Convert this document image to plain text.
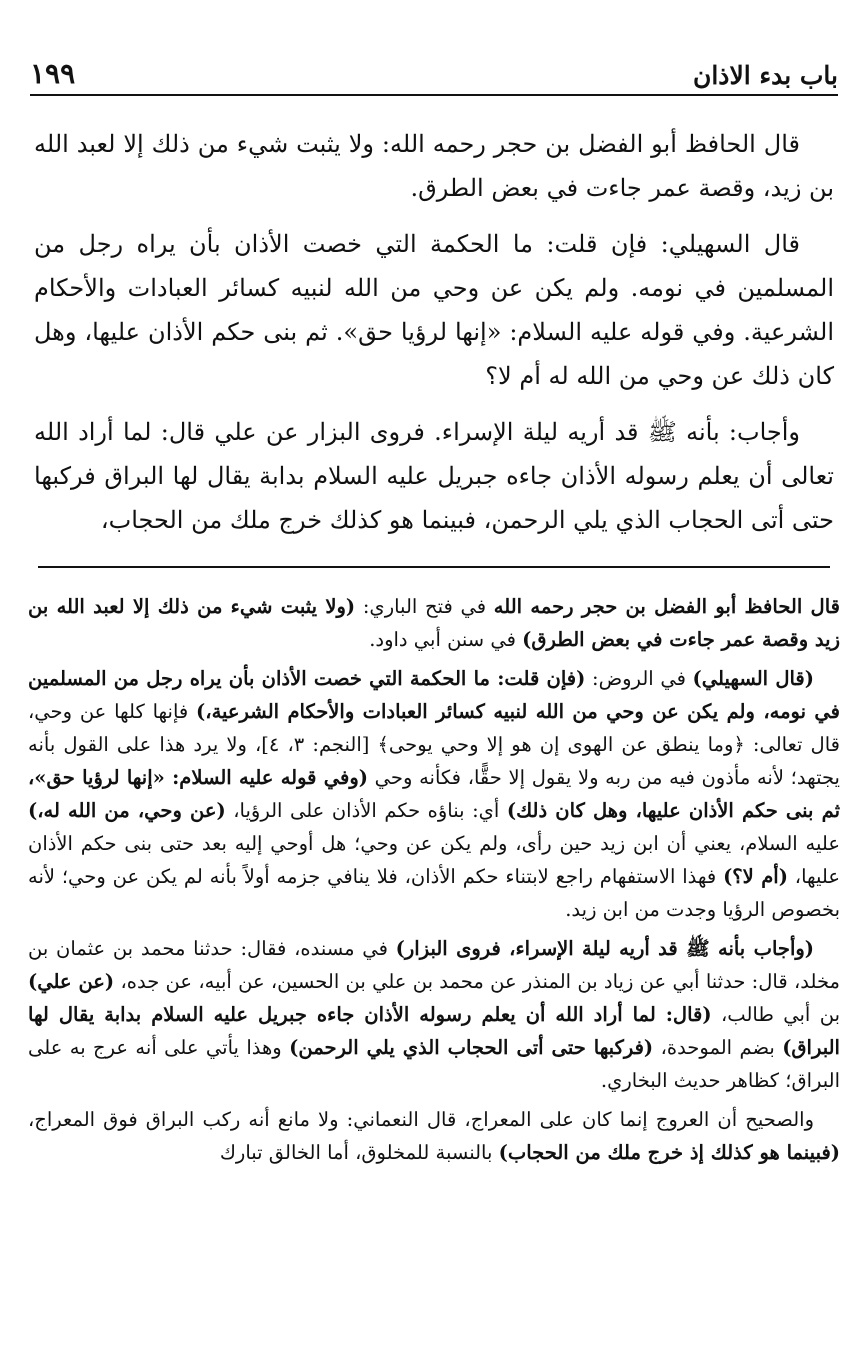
١٩٩	باب بدء الاذان

قال الحافظ أبو الفضل بن حجر رحمه الله: ولا يثبت شيء من ذلك إلا لعبد الله بن زيد، وقصة عمر جاءت في بعض الطرق.

قال السهيلي: فإن قلت: ما الحكمة التي خصت الأذان بأن يراه رجل من المسلمين في نومه. ولم يكن عن وحي من الله لنبيه كسائر العبادات والأحكام الشرعية. وفي قوله عليه السلام: «إنها لرؤيا حق». ثم بنى حكم الأذان عليها، وهل كان ذلك عن وحي من الله له أم لا؟

وأجاب: بأنه ﷺ قد أريه ليلة الإسراء. فروى البزار عن علي قال: لما أراد الله تعالى أن يعلم رسوله الأذان جاءه جبريل عليه السلام بدابة يقال لها البراق فركبها حتى أتى الحجاب الذي يلي الرحمن، فبينما هو كذلك خرج ملك من الحجاب،

قال الحافظ أبو الفضل بن حجر رحمه الله في فتح الباري: (ولا يثبت شيء من ذلك إلا لعبد الله بن زيد وقصة عمر جاءت في بعض الطرق) في سنن أبي داود.

(قال السهيلي) في الروض: (فإن قلت: ما الحكمة التي خصت الأذان بأن يراه رجل من المسلمين في نومه، ولم يكن عن وحي من الله لنبيه كسائر العبادات والأحكام الشرعية،) فإنها كلها عن وحي، قال تعالى: ﴿وما ينطق عن الهوى إن هو إلا وحي يوحى﴾ [النجم: ٣، ٤]، ولا يرد هذا على القول بأنه يجتهد؛ لأنه مأذون فيه من ربه ولا يقول إلا حقًّا، فكأنه وحي (وفي قوله عليه السلام: «إنها لرؤيا حق»، ثم بنى حكم الأذان عليها، وهل كان ذلك) أي: بناؤه حكم الأذان على الرؤيا، (عن وحي، من الله له،) عليه السلام، يعني أن ابن زيد حين رأى، ولم يكن عن وحي؛ هل أوحي إليه بعد حتى بنى حكم الأذان عليها، (أم لا؟) فهذا الاستفهام راجع لابتناء حكم الأذان، فلا ينافي جزمه أولاً بأنه لم يكن عن وحي؛ لأنه بخصوص الرؤيا وجدت من ابن زيد.

(وأجاب بأنه ﷺ قد أريه ليلة الإسراء، فروى البزار) في مسنده، فقال: حدثنا محمد بن عثمان بن مخلد، قال: حدثنا أبي عن زياد بن المنذر عن محمد بن علي بن الحسين، عن أبيه، عن جده، (عن علي) بن أبي طالب، (قال: لما أراد الله أن يعلم رسوله الأذان جاءه جبريل عليه السلام بدابة يقال لها البراق) بضم الموحدة، (فركبها حتى أتى الحجاب الذي يلي الرحمن) وهذا يأتي على أنه عرج به على البراق؛ كظاهر حديث البخاري.

والصحيح أن العروج إنما كان على المعراج، قال النعماني: ولا مانع أنه ركب البراق فوق المعراج، (فبينما هو كذلك إذ خرج ملك من الحجاب) بالنسبة للمخلوق، أما الخالق تبارك
